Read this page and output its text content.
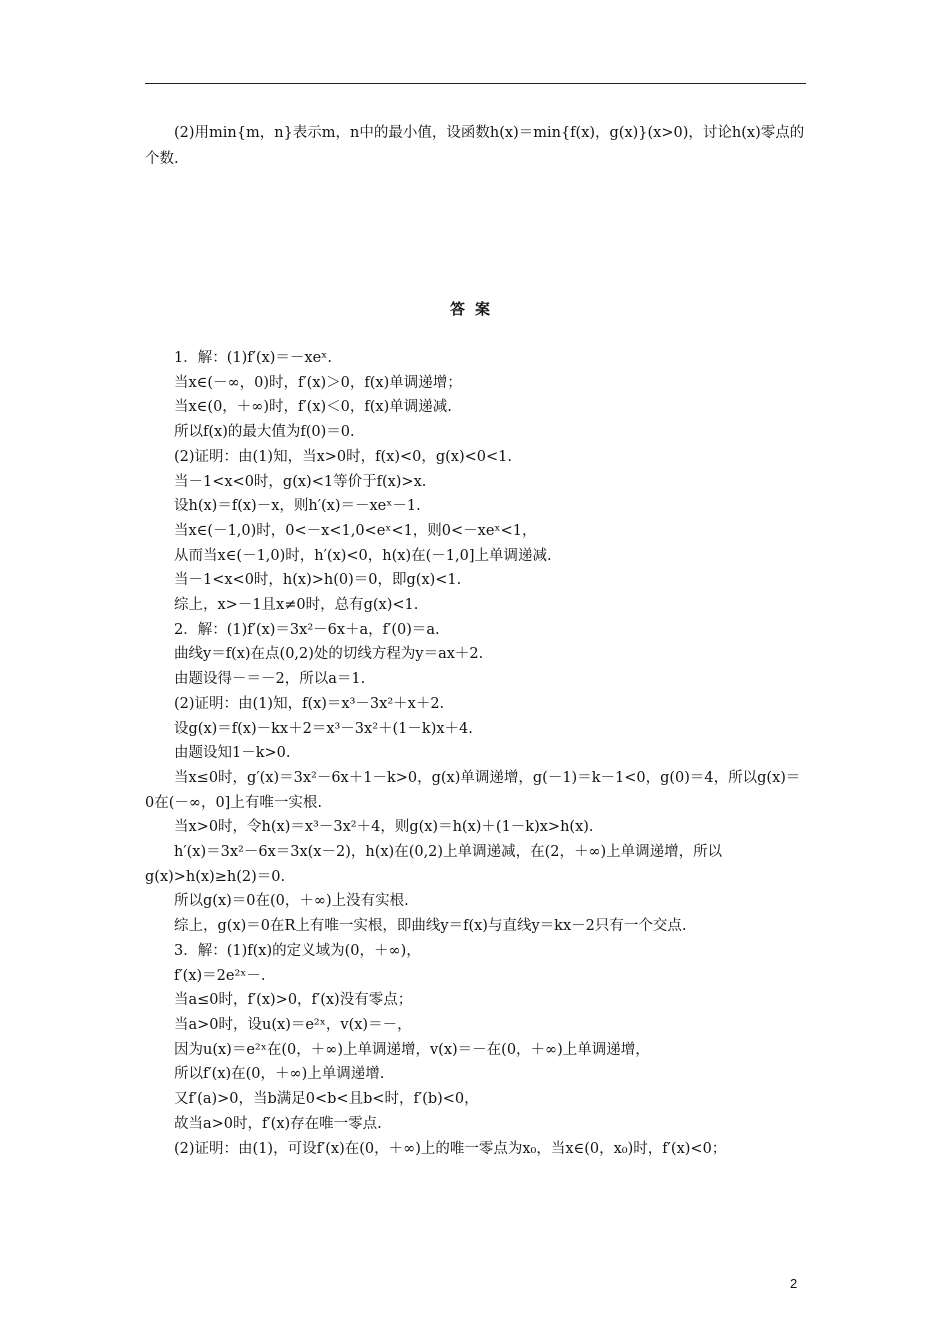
(2)用min{m，n}表示m，n中的最小值，设函数h(x)＝min{f(x)，g(x)}(x>0)，讨论h(x)零点的个数.

答案

1．解：(1)f′(x)＝－xeˣ.

当x∈(－∞，0)时，f′(x)＞0，f(x)单调递增；

当x∈(0，＋∞)时，f′(x)＜0，f(x)单调递减.

所以f(x)的最大值为f(0)＝0.

(2)证明：由(1)知，当x>0时，f(x)<0，g(x)<0<1.

当－1<x<0时，g(x)<1等价于f(x)>x.

设h(x)＝f(x)－x，则h′(x)＝－xeˣ－1.

当x∈(－1,0)时，0<－x<1,0<eˣ<1，则0<－xeˣ<1，

从而当x∈(－1,0)时，h′(x)<0，h(x)在(－1,0]上单调递减.

当－1<x<0时，h(x)>h(0)＝0，即g(x)<1.

综上，x>－1且x≠0时，总有g(x)<1.

2．解：(1)f′(x)＝3x²－6x＋a，f′(0)＝a.

曲线y＝f(x)在点(0,2)处的切线方程为y＝ax＋2.

由题设得－＝－2，所以a＝1.

(2)证明：由(1)知，f(x)＝x³－3x²＋x＋2.

设g(x)＝f(x)－kx＋2＝x³－3x²＋(1－k)x＋4.

由题设知1－k>0.

当x≤0时，g′(x)＝3x²－6x＋1－k>0，g(x)单调递增，g(－1)＝k－1<0，g(0)＝4，所以g(x)＝0在(－∞，0]上有唯一实根.

当x>0时，令h(x)＝x³－3x²＋4，则g(x)＝h(x)＋(1－k)x>h(x).

h′(x)＝3x²－6x＝3x(x－2)，h(x)在(0,2)上单调递减，在(2，＋∞)上单调递增，所以g(x)>h(x)≥h(2)＝0.

所以g(x)＝0在(0，＋∞)上没有实根.

综上，g(x)＝0在R上有唯一实根，即曲线y＝f(x)与直线y＝kx－2只有一个交点.

3．解：(1)f(x)的定义域为(0，＋∞)，

f′(x)＝2e²ˣ－.

当a≤0时，f′(x)>0，f′(x)没有零点；

当a>0时，设u(x)＝e²ˣ，v(x)＝－，

因为u(x)＝e²ˣ在(0，＋∞)上单调递增，v(x)＝－在(0，＋∞)上单调递增，

所以f′(x)在(0，＋∞)上单调递增.

又f′(a)>0，当b满足0<b<且b<时，f′(b)<0，

故当a>0时，f′(x)存在唯一零点.

(2)证明：由(1)，可设f′(x)在(0，＋∞)上的唯一零点为x₀，当x∈(0，x₀)时，f′(x)<0；

2
